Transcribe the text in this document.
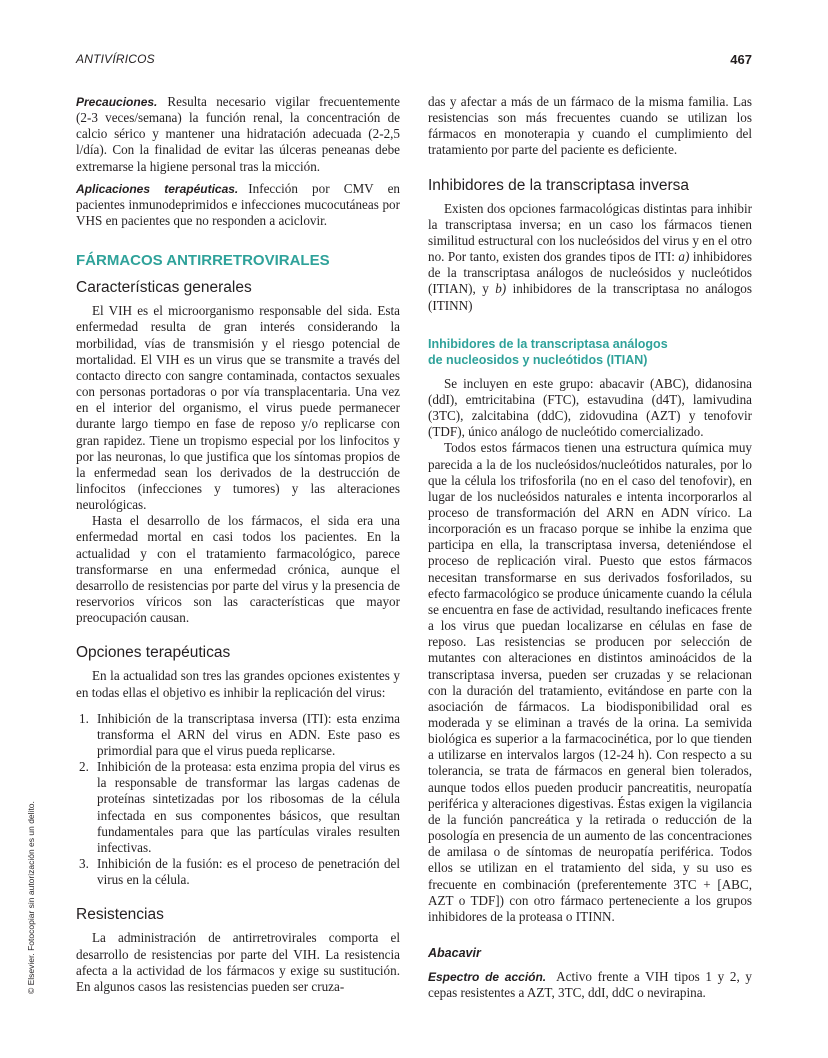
ANTIVÍRICOS	467

Precauciones. Resulta necesario vigilar frecuentemente (2-3 veces/semana) la función renal, la concentración de calcio sérico y mantener una hidratación adecuada (2-2,5 l/día). Con la finalidad de evitar las úlceras peneanas debe extremarse la higiene personal tras la micción.

Aplicaciones terapéuticas. Infección por CMV en pacientes inmunodeprimidos e infecciones mucocutáneas por VHS en pacientes que no responden a aciclovir.

FÁRMACOS ANTIRRETROVIRALES
Características generales

El VIH es el microorganismo responsable del sida. Esta enfermedad resulta de gran interés considerando la morbilidad, vías de transmisión y el riesgo potencial de mortalidad. El VIH es un virus que se transmite a través del contacto directo con sangre contaminada, contactos sexuales con personas portadoras o por vía transplacentaria. Una vez en el interior del organismo, el virus puede permanecer durante largo tiempo en fase de reposo y/o replicarse con gran rapidez. Tiene un tropismo especial por los linfocitos y por las neuronas, lo que justifica que los síntomas propios de la enfermedad sean los derivados de la destrucción de linfocitos (infecciones y tumores) y las alteraciones neurológicas.

Hasta el desarrollo de los fármacos, el sida era una enfermedad mortal en casi todos los pacientes. En la actualidad y con el tratamiento farmacológico, parece transformarse en una enfermedad crónica, aunque el desarrollo de resistencias por parte del virus y la presencia de reservorios víricos son las características que mayor preocupación causan.

Opciones terapéuticas

En la actualidad son tres las grandes opciones existentes y en todas ellas el objetivo es inhibir la replicación del virus:

1. Inhibición de la transcriptasa inversa (ITI): esta enzima transforma el ARN del virus en ADN. Este paso es primordial para que el virus pueda replicarse.
2. Inhibición de la proteasa: esta enzima propia del virus es la responsable de transformar las largas cadenas de proteínas sintetizadas por los ribosomas de la célula infectada en sus componentes básicos, que resultan fundamentales para que las partículas virales resulten infectivas.
3. Inhibición de la fusión: es el proceso de penetración del virus en la célula.
Resistencias

La administración de antirretrovirales comporta el desarrollo de resistencias por parte del VIH. La resistencia afecta a la actividad de los fármacos y exige su sustitución. En algunos casos las resistencias pueden ser cruza-

das y afectar a más de un fármaco de la misma familia. Las resistencias son más frecuentes cuando se utilizan los fármacos en monoterapia y cuando el cumplimiento del tratamiento por parte del paciente es deficiente.

Inhibidores de la transcriptasa inversa

Existen dos opciones farmacológicas distintas para inhibir la transcriptasa inversa; en un caso los fármacos tienen similitud estructural con los nucleósidos del virus y en el otro no. Por tanto, existen dos grandes tipos de ITI: a) inhibidores de la transcriptasa análogos de nucleósidos y nucleótidos (ITIAN), y b) inhibidores de la transcriptasa no análogos (ITINN)

Inhibidores de la transcriptasa análogos
de nucleosidos y nucleótidos (ITIAN)

Se incluyen en este grupo: abacavir (ABC), didanosina (ddI), emtricitabina (FTC), estavudina (d4T), lamivudina (3TC), zalcitabina (ddC), zidovudina (AZT) y tenofovir (TDF), único análogo de nucleótido comercializado.

Todos estos fármacos tienen una estructura química muy parecida a la de los nucleósidos/nucleótidos naturales, por lo que la célula los trifosforila (no en el caso del tenofovir), en lugar de los nucleósidos naturales e intenta incorporarlos al proceso de transformación del ARN en ADN vírico. La incorporación es un fracaso porque se inhibe la enzima que participa en ella, la transcriptasa inversa, deteniéndose el proceso de replicación viral. Puesto que estos fármacos necesitan transformarse en sus derivados fosforilados, su efecto farmacológico se produce únicamente cuando la célula se encuentra en fase de actividad, resultando ineficaces frente a los virus que puedan localizarse en células en fase de reposo. Las resistencias se producen por selección de mutantes con alteraciones en distintos aminoácidos de la transcriptasa inversa, pueden ser cruzadas y se relacionan con la duración del tratamiento, evitándose en parte con la asociación de fármacos. La biodisponibilidad oral es moderada y se eliminan a través de la orina. La semivida biológica es superior a la farmacocinética, por lo que tienden a utilizarse en intervalos largos (12-24 h). Con respecto a su tolerancia, se trata de fármacos en general bien tolerados, aunque todos ellos pueden producir pancreatitis, neuropatía periférica y alteraciones digestivas. Éstas exigen la vigilancia de la función pancreática y la retirada o reducción de la posología en presencia de un aumento de las concentraciones de amilasa o de síntomas de neuropatía periférica. Todos ellos se utilizan en el tratamiento del sida, y su uso es frecuente en combinación (preferentemente 3TC + [ABC, AZT o TDF]) con otro fármaco perteneciente a los grupos inhibidores de la proteasa o ITINN.

Abacavir

Espectro de acción. Activo frente a VIH tipos 1 y 2, y cepas resistentes a AZT, 3TC, ddI, ddC o nevirapina.

© Elsevier. Fotocopiar sin autorización es un delito.
